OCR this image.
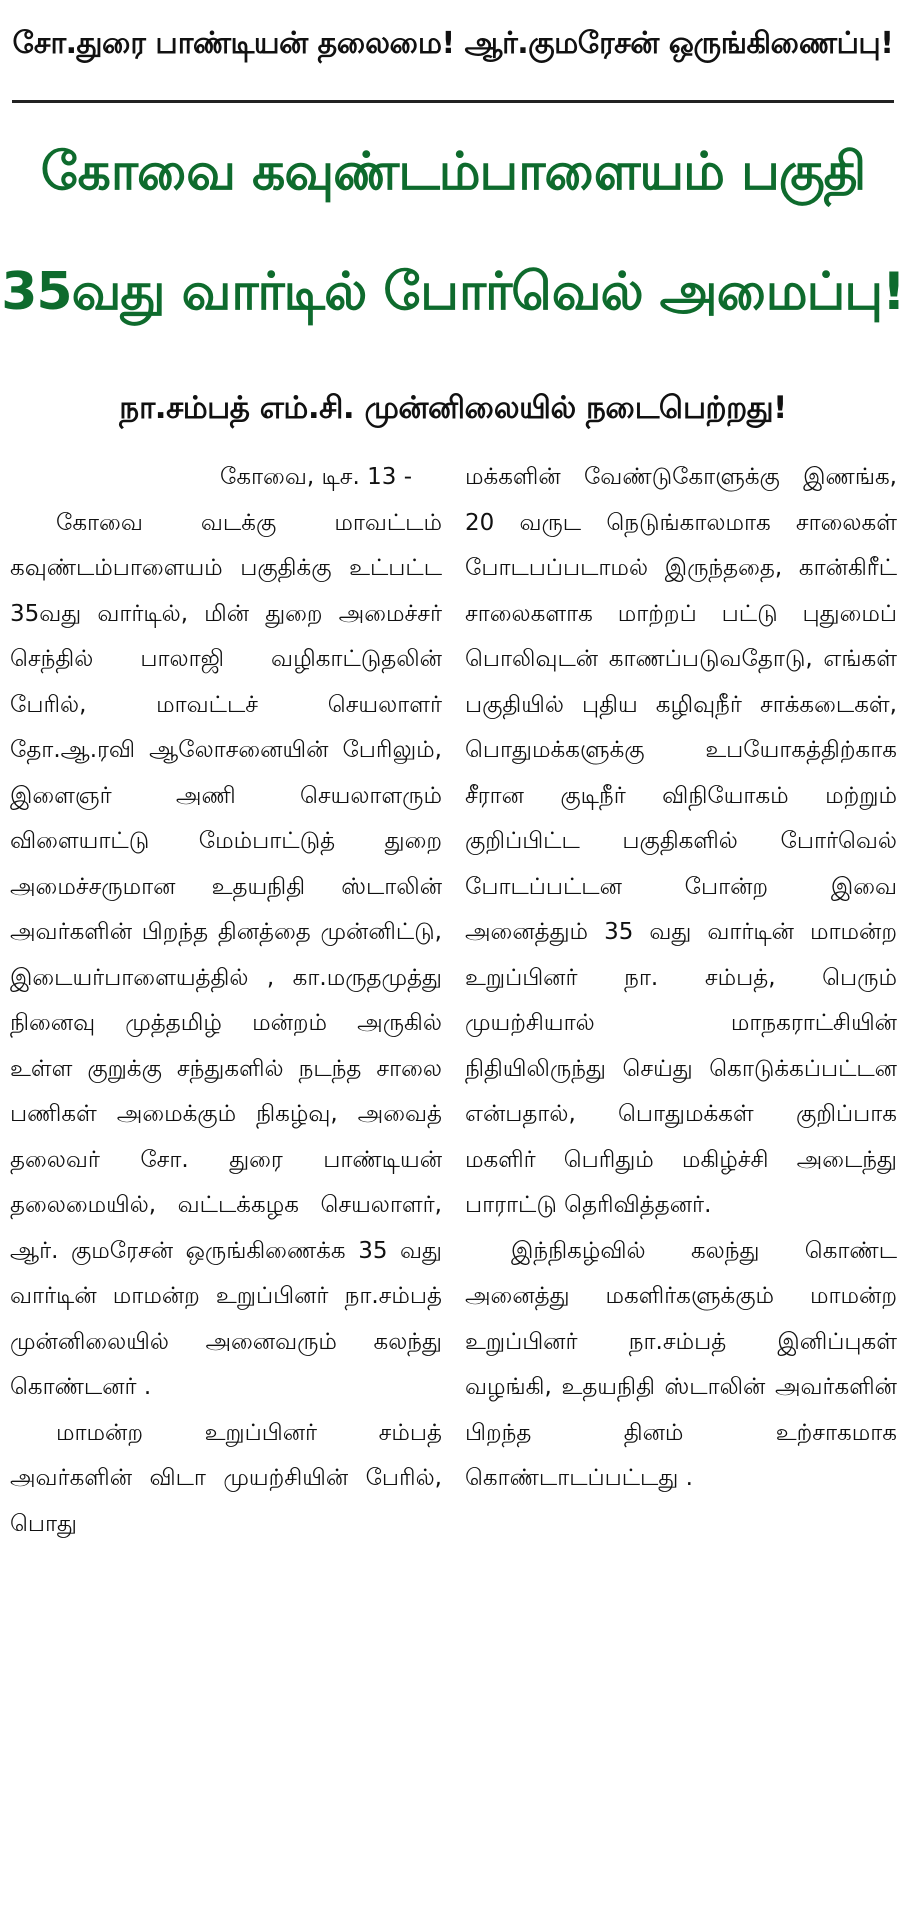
சோ.துரை பாண்டியன் தலைமை! ஆர்.குமரேசன் ஒருங்கிணைப்பு!
கோவை கவுண்டம்பாளையம் பகுதி
35வது வார்டில் போர்வெல் அமைப்பு!
நா.சம்பத் எம்.சி. முன்னிலையில் நடைபெற்றது!

கோவை, டிச. 13 -

கோவை வடக்கு மாவட்டம் கவுண்டம்பாளையம் பகுதிக்கு உட்பட்ட 35வது வார்டில், மின் துறை அமைச்சர் செந்தில் பாலாஜி வழிகாட்டுதலின் பேரில், மாவட்டச் செயலாளர் தோ.ஆ.ரவி ஆலோசனையின் பேரிலும், இளைஞர் அணி செயலாளரும் விளையாட்டு மேம்பாட்டுத் துறை அமைச்சருமான உதயநிதி ஸ்டாலின் அவர்களின் பிறந்த தினத்தை முன்னிட்டு, இடையர்பாளையத்தில் , கா.மருதமுத்து நினைவு முத்தமிழ் மன்றம் அருகில் உள்ள குறுக்கு சந்துகளில் நடந்த சாலை பணிகள் அமைக்கும் நிகழ்வு, அவைத் தலைவர் சோ. துரை பாண்டியன் தலைமையில், வட்டக்கழக செயலாளர், ஆர். குமரேசன் ஒருங்கிணைக்க 35 வது வார்டின் மாமன்ற உறுப்பினர் நா.சம்பத் முன்னிலையில் அனைவரும் கலந்து கொண்டனர் .

மாமன்ற உறுப்பினர் சம்பத் அவர்களின் விடா முயற்சியின் பேரில், பொது

மக்களின் வேண்டுகோளுக்கு இணங்க, 20 வருட நெடுங்காலமாக சாலைகள் போடபப்படாமல் இருந்ததை, கான்கிரீட் சாலைகளாக மாற்றப் பட்டு புதுமைப் பொலிவுடன் காணப்படுவதோடு, எங்கள் பகுதியில் புதிய கழிவுநீர் சாக்கடைகள், பொதுமக்களுக்கு உபயோகத்திற்காக சீரான குடிநீர் விநியோகம் மற்றும் குறிப்பிட்ட பகுதிகளில் போர்வெல் போடப்பட்டன போன்ற இவை அனைத்தும் 35 வது வார்டின் மாமன்ற உறுப்பினர் நா. சம்பத், பெரும் முயற்சியால் மாநகராட்சியின் நிதியிலிருந்து செய்து கொடுக்கப்பட்டன என்பதால், பொதுமக்கள் குறிப்பாக மகளிர் பெரிதும் மகிழ்ச்சி அடைந்து பாராட்டு தெரிவித்தனர்.

இந்நிகழ்வில் கலந்து கொண்ட அனைத்து மகளிர்களுக்கும் மாமன்ற உறுப்பினர் நா.சம்பத் இனிப்புகள் வழங்கி, உதயநிதி ஸ்டாலின் அவர்களின் பிறந்த தினம் உற்சாகமாக கொண்டாடப்பட்டது .
